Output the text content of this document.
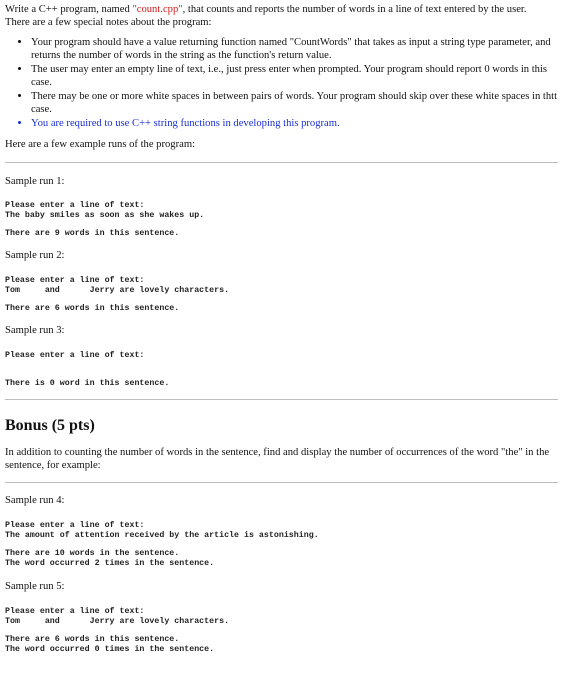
Write a C++ program, named "count.cpp", that counts and reports the number of words in a line of text entered by the user.
There are a few special notes about the program:

• Your program should have a value returning function named "CountWords" that takes as input a string type parameter, and returns the number of words in the string as the function's return value.
• The user may enter an empty line of text, i.e., just press enter when prompted. Your program should report 0 words in this case.
• There may be one or more white spaces in between pairs of words. Your program should skip over these white spaces in thtt case.
• You are required to use C++ string functions in developing this program.

Here are a few example runs of the program:

Sample run 1:

Please enter a line of text:
The baby smiles as soon as she wakes up.
There are 9 words in this sentence.

Sample run 2:

Please enter a line of text:
Tom     and      Jerry are lovely characters.
There are 6 words in this sentence.

Sample run 3:

Please enter a line of text:
There is 0 word in this sentence.
Bonus (5 pts)

In addition to counting the number of words in the sentence, find and display the number of occurrences of the word "the" in the sentence, for example:

Sample run 4:

Please enter a line of text:
The amount of attention received by the article is astonishing.
There are 10 words in the sentence.
The word occurred 2 times in the sentence.

Sample run 5:

Please enter a line of text:
Tom     and      Jerry are lovely characters.
There are 6 words in this sentence.
The word occurred 0 times in the sentence.
